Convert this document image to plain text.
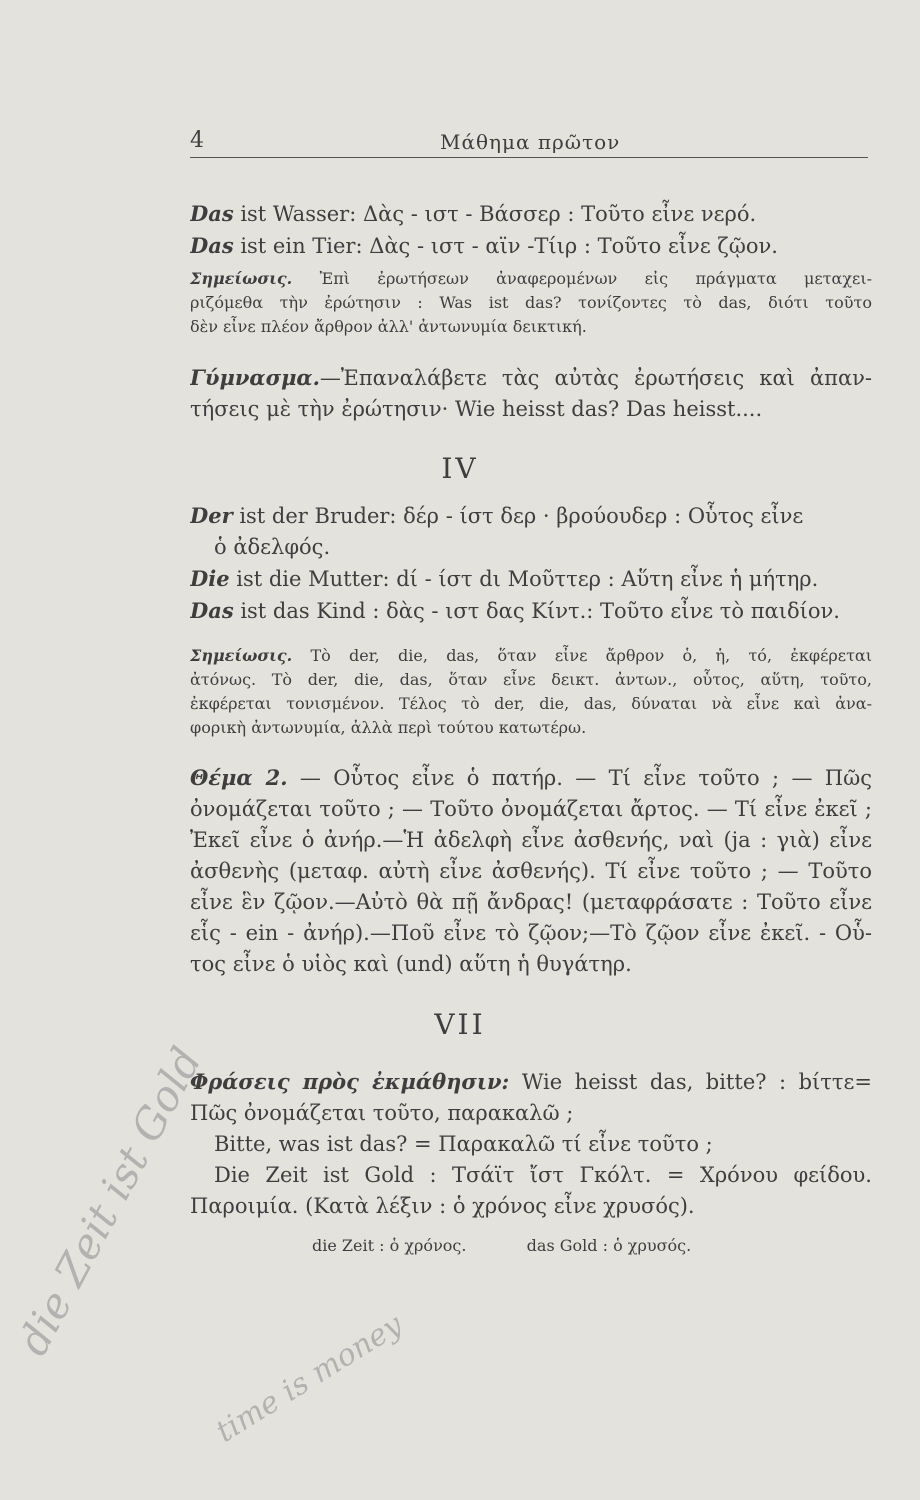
4	Μάθημα πρῶτον
Das ist Wasser: Δὰς - ιστ - Βάσσερ : Τοῦτο εἶνε νερό.
Das ist ein Tier: Δὰς - ιστ - αϊν -Τίιρ : Τοῦτο εἶνε ζῷον.
Σημείωσις. Ἐπὶ ἐρωτήσεων ἀναφερομένων εἰς πράγματα μεταχει-
ριζόμεθα τὴν ἐρώτησιν : Was ist das? τονίζοντες τὸ das, διότι τοῦτο
δὲν εἶνε πλέον ἄρθρον ἀλλ' ἀντωνυμία δεικτική.
Γύμνασμα.—Ἐπαναλάβετε τὰς αὐτὰς ἐρωτήσεις καὶ ἀπαν-
τήσεις μὲ τὴν ἐρώτησιν· Wie heisst das? Das heisst....
IV
Der ist der Bruder: δέρ - ίστ δερ · βρούουδερ : Οὗτος εἶνε
ὁ ἀδελφός.
Die ist die Mutter: dί - ίστ dι Μοῦττερ : Αὕτη εἶνε ἡ μήτηρ.
Das ist das Kind : δὰς - ιστ δας Κίντ.: Τοῦτο εἶνε τὸ παιδίον.
Σημείωσις. Τὸ der, die, das, ὅταν εἶνε ἄρθρον ὁ, ἡ, τό, ἐκφέρεται
ἀτόνως. Τὸ der, die, das, ὅταν εἶνε δεικτ. ἀντων., οὗτος, αὕτη, τοῦτο,
ἐκφέρεται τονισμένον. Τέλος τὸ der, die, das, δύναται νὰ εἶνε καὶ ἀνα-
φορικὴ ἀντωνυμία, ἀλλὰ περὶ τούτου κατωτέρω.
Θέμα 2. — Οὗτος εἶνε ὁ πατήρ. — Τί εἶνε τοῦτο ; — Πῶς
ὀνομάζεται τοῦτο ; — Τοῦτο ὀνομάζεται ἄρτος. — Τί εἶνε ἐκεῖ ;
Ἐκεῖ εἶνε ὁ ἀνήρ.—Ἡ ἀδελφὴ εἶνε ἀσθενής, ναὶ (ja : γιὰ) εἶνε
ἀσθενὴς (μεταφ. αὐτὴ εἶνε ἀσθενής). Τί εἶνε τοῦτο ; — Τοῦτο
εἶνε ἓν ζῷον.—Αὐτὸ θὰ πῇ ἄνδρας! (μεταφράσατε : Τοῦτο εἶνε
εἷς - ein - ἀνήρ).—Ποῦ εἶνε τὸ ζῷον;—Τὸ ζῷον εἶνε ἐκεῖ. - Οὗ-
τος εἶνε ὁ υἱὸς καὶ (und) αὕτη ἡ θυγάτηρ.
VII
Φράσεις πρὸς ἐκμάθησιν: Wie heisst das, bitte? : bίττε=
Πῶς ὀνομάζεται τοῦτο, παρακαλῶ ;
Bitte, was ist das? = Παρακαλῶ τί εἶνε τοῦτο ;
Die Zeit ist Gold : Τσάϊτ ἴστ Γκόλτ. = Χρόνου φείδου.
Παροιμία. (Κατὰ λέξιν : ὁ χρόνος εἶνε χρυσός).
die Zeit : ὁ χρόνος.	das Gold : ὁ χρυσός.
die Zeit ist Gold
time is money
